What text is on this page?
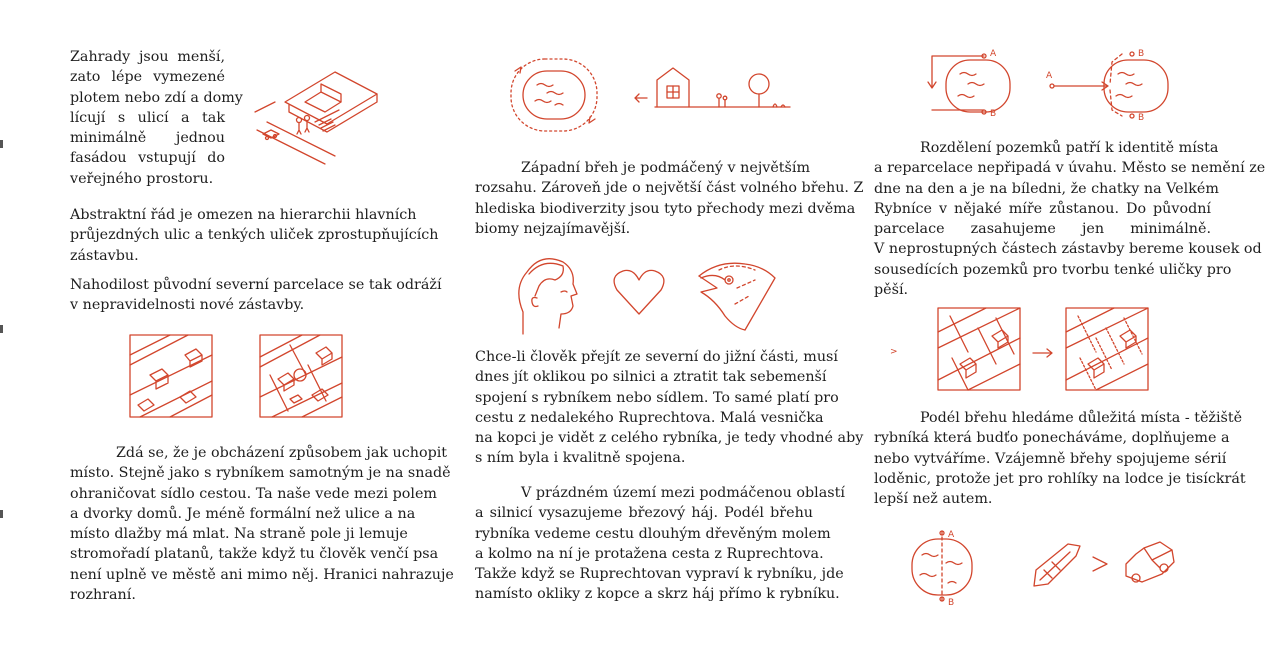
Zahrady jsou menší,
zato lépe vymezené
plotem nebo zdí a domy
lícují s ulicí a tak
minimálně jednou
fasádou vstupují do
veřejného prostoru.
Abstraktní řád je omezen na hierarchii hlavních
průjezdných ulic a tenkých uliček zprostupňujících
zástavbu.
Nahodilost původní severní parcelace se tak odráží
v nepravidelnosti nové zástavby.
Zdá se, že je obcházení způsobem jak uchopit
místo. Stejně jako s rybníkem samotným je na snadě
ohraničovat sídlo cestou. Ta naše vede mezi polem
a dvorky domů. Je méně formální než ulice a na
místo dlažby má mlat. Na straně pole ji lemuje
stromořadí platanů, takže když tu člověk venčí psa
není uplně ve městě ani mimo něj. Hranici nahrazuje
rozhraní.
Západní břeh je podmáčený v největším
rozsahu. Zároveň jde o největší část volného břehu. Z
hlediska biodiverzity jsou tyto přechody mezi dvěma
biomy nejzajímavější.
Chce-li člověk přejít ze severní do jižní části, musí
dnes jít oklikou po silnici a ztratit tak sebemenší
spojení s rybníkem nebo sídlem. To samé platí pro
cestu z nedalekého Ruprechtova. Malá vesnička
na kopci je vidět z celého rybníka, je tedy vhodné aby
s ním byla i kvalitně spojena.
V prázdném území mezi podmáčenou oblastí
a silnicí vysazujeme březový háj. Podél břehu
rybníka vedeme cestu dlouhým dřevěným molem
a kolmo na ní je protažena cesta z Ruprechtova.
Takže když se Ruprechtovan vypraví k rybníku, jde
namísto okliky z kopce a skrz háj přímo k rybníku.
A
B
A
B
B
Rozdělení pozemků patří k identitě místa
a reparcelace nepřipadá v úvahu. Město se nemění ze
dne na den a je na bíledni, že chatky na Velkém
Rybníce v nějaké míře zůstanou. Do původní
parcelace zasahujeme jen minimálně.
V neprostupných částech zástavby bereme kousek od
sousedících pozemků pro tvorbu tenké uličky pro
pěší.
Podél břehu hledáme důležitá místa - těžiště
rybníká která budťo ponecháváme, doplňujeme a
nebo vytváříme. Vzájemně břehy spojujeme sérií
loděnic, protože jet pro rohlíky na lodce je tisíckrát
lepší než autem.
A
B
>
